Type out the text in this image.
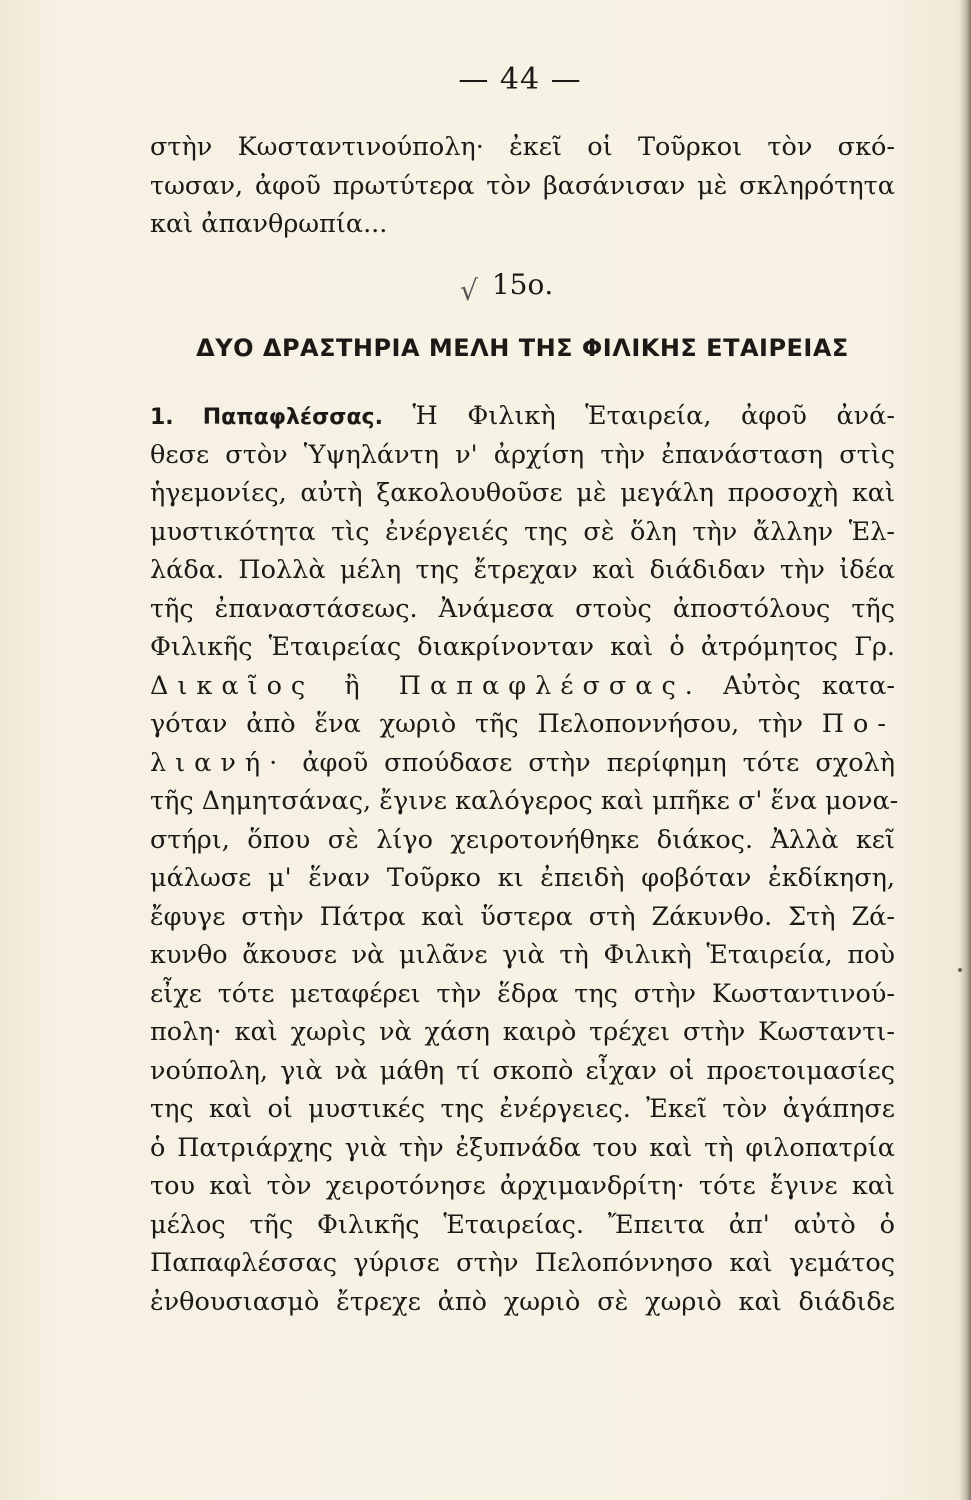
— 44 —
στὴν Κωσταντινούπολη· ἐκεῖ οἱ Τοῦρκοι τὸν σκό-
τωσαν, ἀφοῦ πρωτύτερα τὸν βασάνισαν μὲ σκληρότητα
καὶ ἀπανθρωπία...
√ 15ο.
ΔΥΟ ΔΡΑΣΤΗΡΙΑ ΜΕΛΗ ΤΗΣ ΦΙΛΙΚΗΣ ΕΤΑΙΡΕΙΑΣ
1. Παπαφλέσσας. Ἡ Φιλικὴ Ἑταιρεία, ἀφοῦ ἀνά-
θεσε στὸν Ὑψηλάντη ν' ἀρχίση τὴν ἐπανάσταση στὶς
ἡγεμονίες, αὐτὴ ξακολουθοῦσε μὲ μεγάλη προσοχὴ καὶ
μυστικότητα τὶς ἐνέργειές της σὲ ὅλη τὴν ἄλλην Ἑλ-
λάδα. Πολλὰ μέλη της ἔτρεχαν καὶ διάδιδαν τὴν ἰδέα
τῆς ἐπαναστάσεως. Ἀνάμεσα στοὺς ἀποστόλους τῆς
Φιλικῆς Ἑταιρείας διακρίνονταν καὶ ὁ ἀτρόμητος Γρ.
Δικαῖος ἢ Παπαφλέσσας. Αὐτὸς κατα-
γόταν ἀπὸ ἕνα χωριὸ τῆς Πελοποννήσου, τὴν Πο-
λιανή· ἀφοῦ σπούδασε στὴν περίφημη τότε σχολὴ
τῆς Δημητσάνας, ἔγινε καλόγερος καὶ μπῆκε σ' ἕνα μονα-
στήρι, ὅπου σὲ λίγο χειροτονήθηκε διάκος. Ἀλλὰ κεῖ
μάλωσε μ' ἕναν Τοῦρκο κι ἐπειδὴ φοβόταν ἐκδίκηση,
ἔφυγε στὴν Πάτρα καὶ ὕστερα στὴ Ζάκυνθο. Στὴ Ζά-
κυνθο ἄκουσε νὰ μιλᾶνε γιὰ τὴ Φιλικὴ Ἑταιρεία, ποὺ
εἶχε τότε μεταφέρει τὴν ἕδρα της στὴν Κωσταντινού-
πολη· καὶ χωρὶς νὰ χάση καιρὸ τρέχει στὴν Κωσταντι-
νούπολη, γιὰ νὰ μάθη τί σκοπὸ εἶχαν οἱ προετοιμασίες
της καὶ οἱ μυστικές της ἐνέργειες. Ἐκεῖ τὸν ἀγάπησε
ὁ Πατριάρχης γιὰ τὴν ἐξυπνάδα του καὶ τὴ φιλοπατρία
του καὶ τὸν χειροτόνησε ἀρχιμανδρίτη· τότε ἔγινε καὶ
μέλος τῆς Φιλικῆς Ἑταιρείας. Ἔπειτα ἀπ' αὐτὸ ὁ
Παπαφλέσσας γύρισε στὴν Πελοπόννησο καὶ γεμάτος
ἐνθουσιασμὸ ἔτρεχε ἀπὸ χωριὸ σὲ χωριὸ καὶ διάδιδε
